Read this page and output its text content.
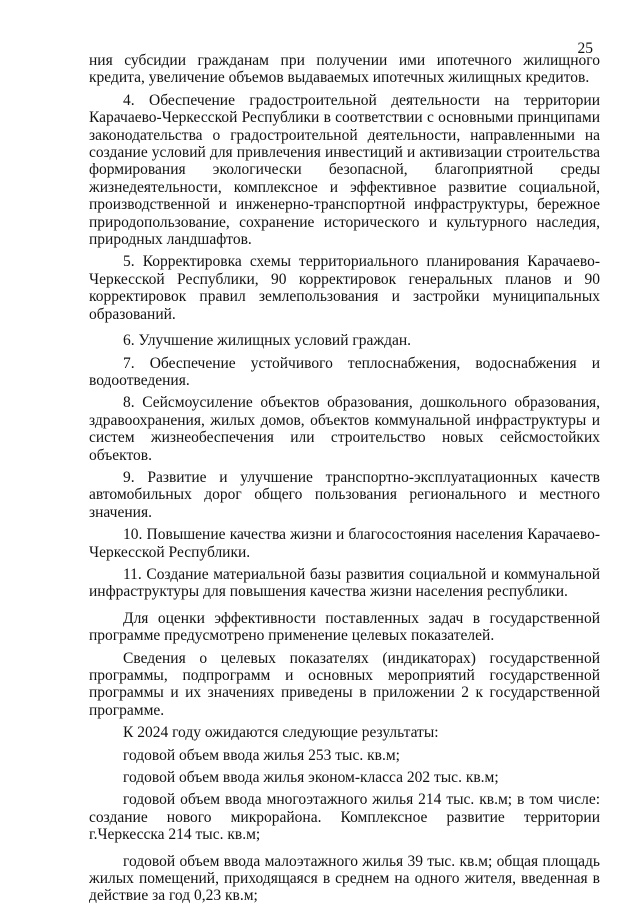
25

ния субсидии гражданам при получении ими ипотечного жилищного кредита, увеличение объемов выдаваемых ипотечных жилищных кредитов.

4. Обеспечение градостроительной деятельности на территории Карачаево-Черкесской Республики в соответствии с основными принципами законодательства о градостроительной деятельности, направленными на создание условий для привлечения инвестиций и активизации строительства формирования экологически безопасной, благоприятной среды жизнедеятельности, комплексное и эффективное развитие социальной, производственной и инженерно-транспортной инфраструктуры, бережное природопользование, сохранение исторического и культурного наследия, природных ландшафтов.

5. Корректировка схемы территориального планирования Карачаево-Черкесской Республики, 90 корректировок генеральных планов и 90 корректировок правил землепользования и застройки муниципальных образований.

6. Улучшение жилищных условий граждан.

7. Обеспечение устойчивого теплоснабжения, водоснабжения и водоотведения.

8. Сейсмоусиление объектов образования, дошкольного образования, здравоохранения, жилых домов, объектов коммунальной инфраструктуры и систем жизнеобеспечения или строительство новых сейсмостойких объектов.

9. Развитие и улучшение транспортно-эксплуатационных качеств автомобильных дорог общего пользования регионального и местного значения.

10. Повышение качества жизни и благосостояния населения Карачаево-Черкесской Республики.

11. Создание материальной базы развития социальной и коммунальной инфраструктуры для повышения качества жизни населения республики.

Для оценки эффективности поставленных задач в государственной программе предусмотрено применение целевых показателей.

Сведения о целевых показателях (индикаторах) государственной программы, подпрограмм и основных мероприятий государственной программы и их значениях приведены в приложении 2 к государственной программе.

К 2024 году ожидаются следующие результаты:

годовой объем ввода жилья 253 тыс. кв.м;

годовой объем ввода жилья эконом-класса 202 тыс. кв.м;

годовой объем ввода многоэтажного жилья 214 тыс. кв.м; в том числе: создание нового микрорайона. Комплексное развитие территории г.Черкесска 214 тыс. кв.м;

годовой объем ввода малоэтажного жилья 39 тыс. кв.м; общая площадь жилых помещений, приходящаяся в среднем на одного жителя, введенная в действие за год 0,23 кв.м;
